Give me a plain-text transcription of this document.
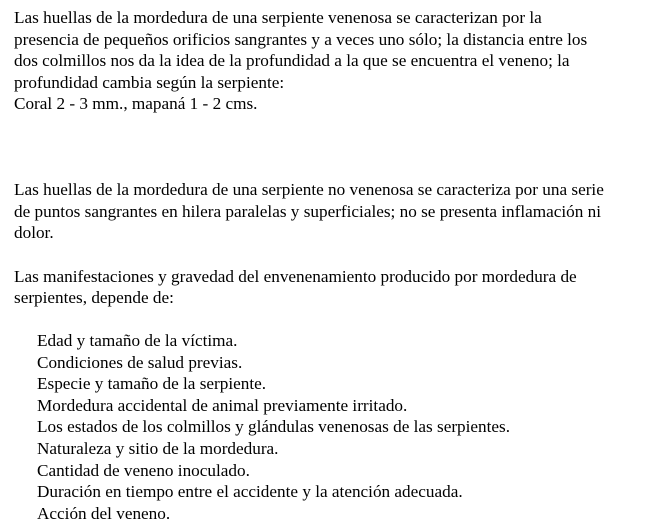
Las huellas de la mordedura de una serpiente venenosa se caracterizan por la
presencia de pequeños orificios sangrantes y a veces uno sólo; la distancia entre los
dos colmillos nos da la idea de la profundidad a la que se encuentra el veneno; la
profundidad cambia según la serpiente:
Coral 2 - 3 mm., mapaná 1 - 2 cms.

Las huellas de la mordedura de una serpiente no venenosa se caracteriza por una serie
de puntos sangrantes en hilera paralelas y superficiales; no se presenta inflamación ni
dolor.

Las manifestaciones y gravedad del envenenamiento producido por mordedura de
serpientes, depende de:

Edad y tamaño de la víctima.
Condiciones de salud previas.
Especie y tamaño de la serpiente.
Mordedura accidental de animal previamente irritado.
Los estados de los colmillos y glándulas venenosas de las serpientes.
Naturaleza y sitio de la mordedura.
Cantidad de veneno inoculado.
Duración en tiempo entre el accidente y la atención adecuada.
Acción del veneno.
